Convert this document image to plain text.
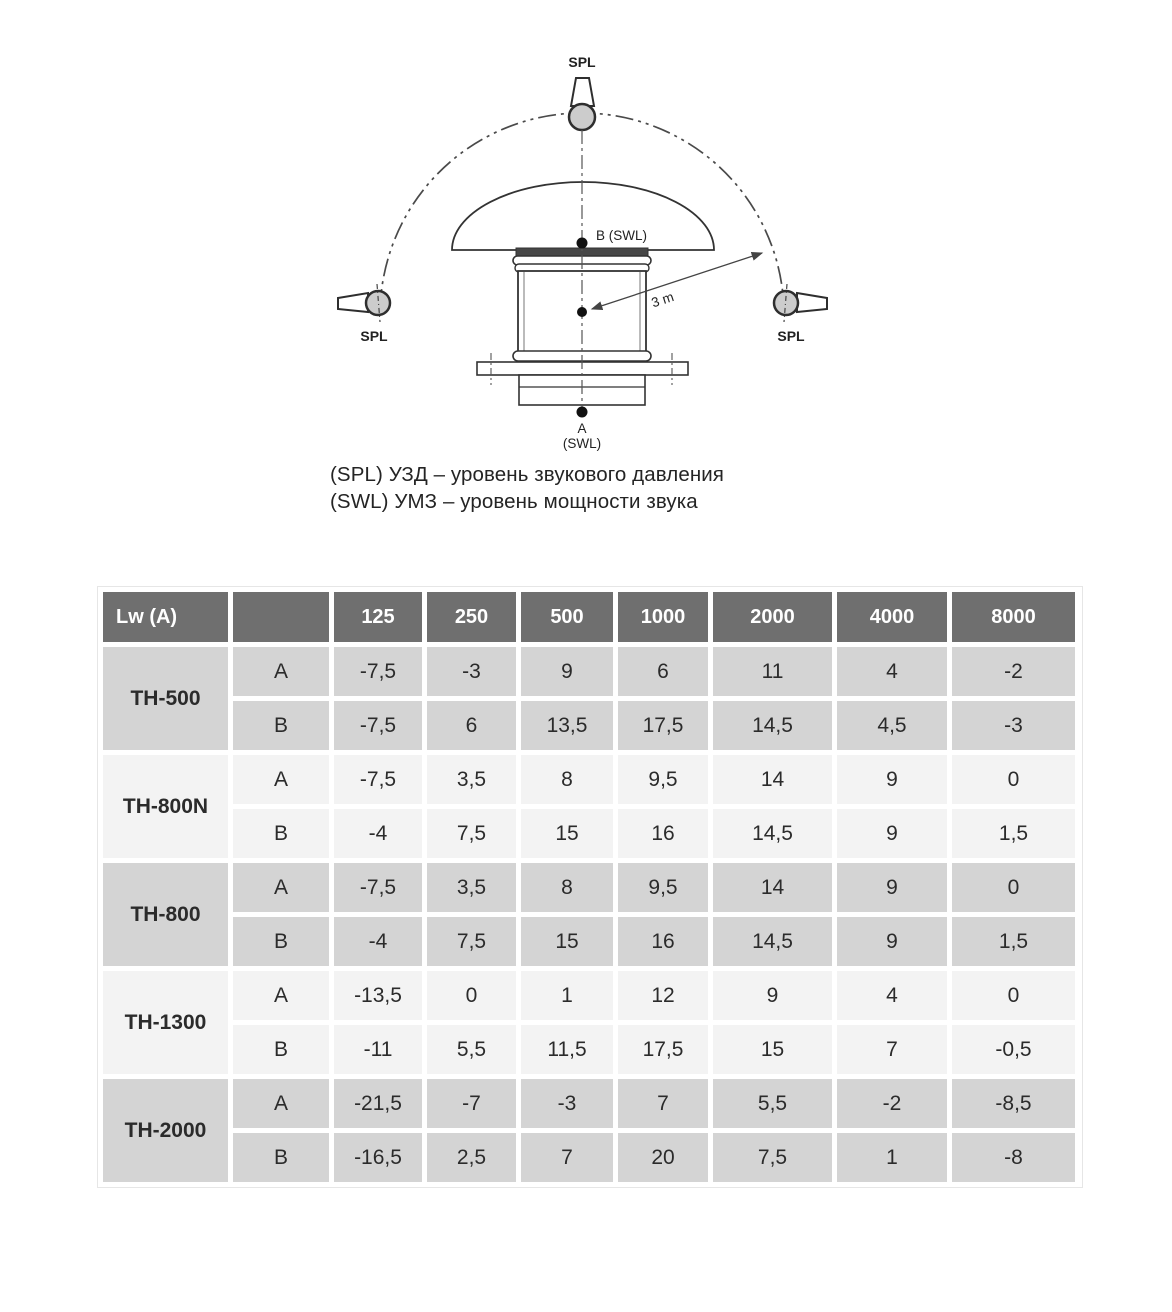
SPL
SPL	SPL
3 m
B (SWL)
A
(SWL)
(SPL) УЗД – уровень звукового давления
(SWL) УМЗ – уровень мощности звука
Lw (A)		125	250	500	1000	2000	4000	8000
TH-500	A	-7,5	-3	9	6	11	4	-2
	B	-7,5	6	13,5	17,5	14,5	4,5	-3
TH-800N	A	-7,5	3,5	8	9,5	14	9	0
	B	-4	7,5	15	16	14,5	9	1,5
TH-800	A	-7,5	3,5	8	9,5	14	9	0
	B	-4	7,5	15	16	14,5	9	1,5
TH-1300	A	-13,5	0	1	12	9	4	0
	B	-11	5,5	11,5	17,5	15	7	-0,5
TH-2000	A	-21,5	-7	-3	7	5,5	-2	-8,5
	B	-16,5	2,5	7	20	7,5	1	-8
